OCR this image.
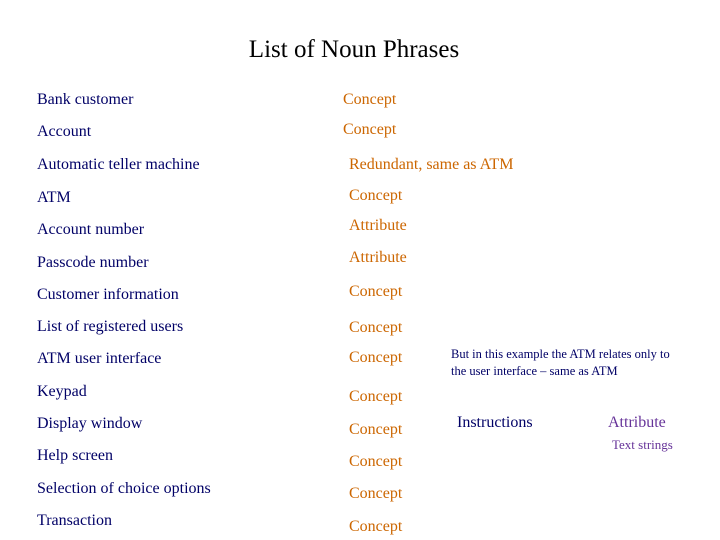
List of Noun Phrases
Bank customer
Account
Automatic teller machine
ATM
Account number
Passcode number
Customer information
List of registered users
ATM user interface
Keypad
Display window
Help screen
Selection of choice options
Transaction
Concept
Concept
Redundant, same as ATM
Concept
Attribute
Attribute
Concept
Concept
Concept
Concept
Concept
Concept
Concept
Concept
But in this example the ATM relates only to
the user interface – same as ATM
Instructions	Attribute
Text strings
